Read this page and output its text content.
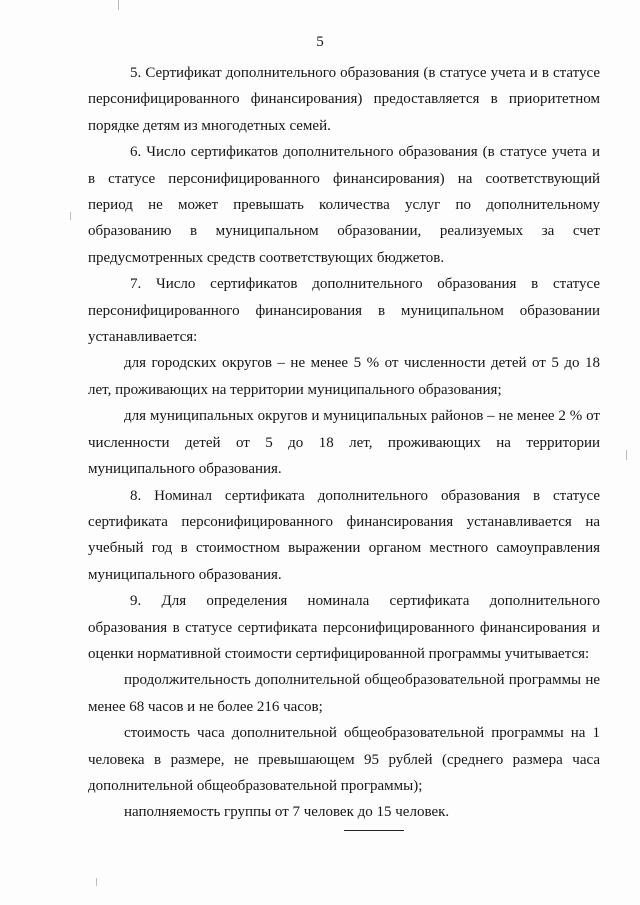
5

5. Сертификат дополнительного образования (в статусе учета и в статусе персонифицированного финансирования) предоставляется в приоритетном порядке детям из многодетных семей.

6. Число сертификатов дополнительного образования (в статусе учета и в статусе персонифицированного финансирования) на соответствующий период не может превышать количества услуг по дополнительному образованию в муниципальном образовании, реализуемых за счет предусмотренных средств соответствующих бюджетов.

7. Число сертификатов дополнительного образования в статусе персонифицированного финансирования в муниципальном образовании устанавливается:

для городских округов – не менее 5 % от численности детей от 5 до 18 лет, проживающих на территории муниципального образования;

для муниципальных округов и муниципальных районов – не менее 2 % от численности детей от 5 до 18 лет, проживающих на территории муниципального образования.

8. Номинал сертификата дополнительного образования в статусе сертификата персонифицированного финансирования устанавливается на учебный год в стоимостном выражении органом местного самоуправления муниципального образования.

9. Для определения номинала сертификата дополнительного образования в статусе сертификата персонифицированного финансирования и оценки нормативной стоимости сертифицированной программы учитывается:

продолжительность дополнительной общеобразовательной программы не менее 68 часов и не более 216 часов;

стоимость часа дополнительной общеобразовательной программы на 1 человека в размере, не превышающем 95 рублей (среднего размера часа дополнительной общеобразовательной программы);

наполняемость группы от 7 человек до 15 человек.
